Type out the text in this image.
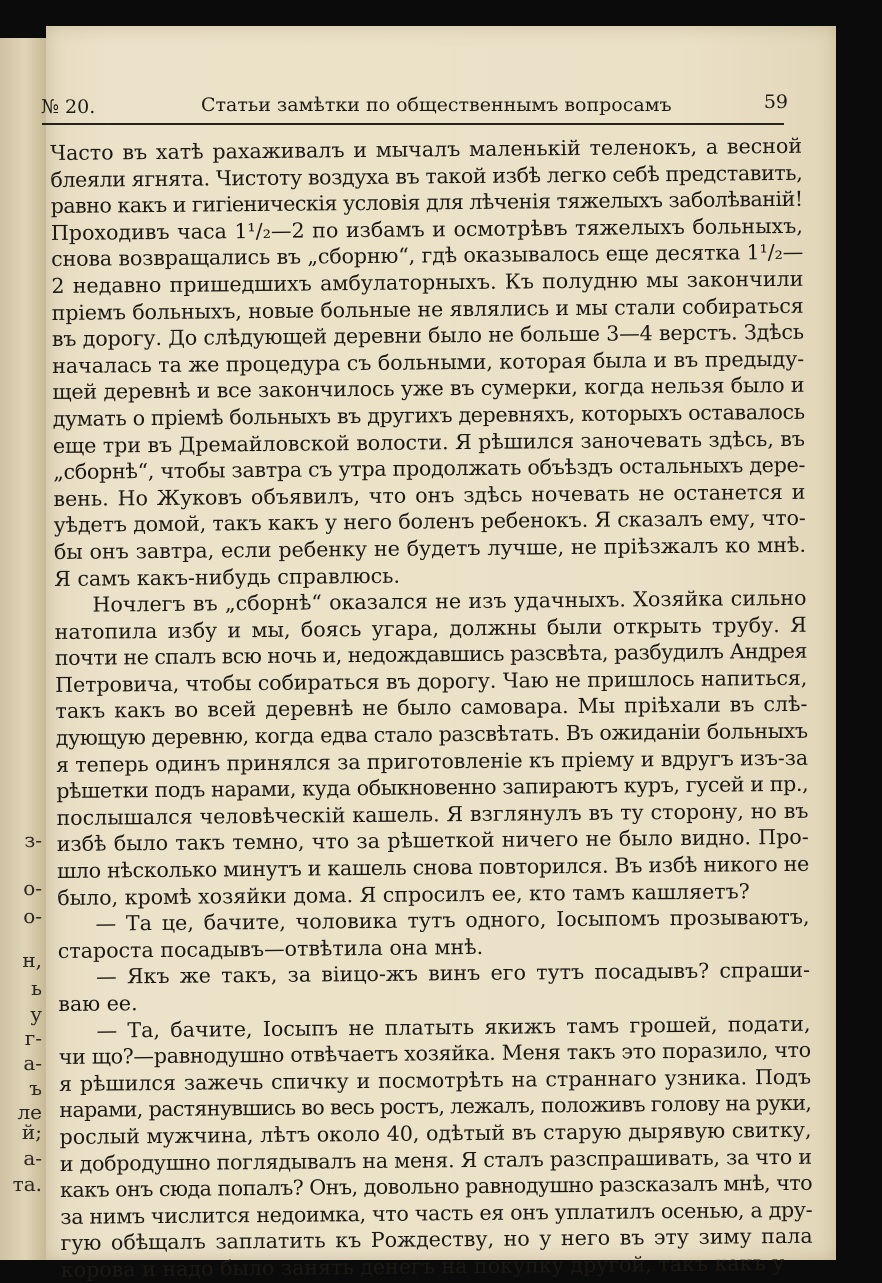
з-
о-
о-
н,
ь
у
г-
а-
ъ
ле
й;
а-
та.
№ 20.	Статьи замѣтки по общественнымъ вопросамъ	59
Часто въ хатѣ рахаживалъ и мычалъ маленькій теленокъ, а весной
блеяли ягнята. Чистоту воздуха въ такой избѣ легко себѣ представить,
равно какъ и гигіеническія условія для лѣченія тяжелыхъ заболѣваній!
Проходивъ часа 1¹/₂—2 по избамъ и осмотрѣвъ тяжелыхъ больныхъ,
снова возвращались въ „сборню“, гдѣ оказывалось еще десятка 1¹/₂—
2 недавно пришедшихъ амбулаторныхъ. Къ полудню мы закончили
пріемъ больныхъ, новые больные не являлись и мы стали собираться
въ дорогу. До слѣдующей деревни было не больше 3—4 верстъ. Здѣсь
началась та же процедура съ больными, которая была и въ предыду-
щей деревнѣ и все закончилось уже въ сумерки, когда нельзя было и
думать о пріемѣ больныхъ въ другихъ деревняхъ, которыхъ оставалось
еще три въ Дремайловской волости. Я рѣшился заночевать здѣсь, въ
„сборнѣ“, чтобы завтра съ утра продолжать объѣздъ остальныхъ дере-
вень. Но Жуковъ объявилъ, что онъ здѣсь ночевать не останется и
уѣдетъ домой, такъ какъ у него боленъ ребенокъ. Я сказалъ ему, что-
бы онъ завтра, если ребенку не будетъ лучше, не пріѣзжалъ ко мнѣ.
Я самъ какъ-нибудь справлюсь.
Ночлегъ въ „сборнѣ“ оказался не изъ удачныхъ. Хозяйка сильно
натопила избу и мы, боясь угара, должны были открыть трубу. Я
почти не спалъ всю ночь и, недождавшись разсвѣта, разбудилъ Андрея
Петровича, чтобы собираться въ дорогу. Чаю не пришлось напиться,
такъ какъ во всей деревнѣ не было самовара. Мы пріѣхали въ слѣ-
дующую деревню, когда едва стало разсвѣтать. Въ ожиданіи больныхъ
я теперь одинъ принялся за приготовленіе къ пріему и вдругъ изъ-за
рѣшетки подъ нарами, куда обыкновенно запираютъ куръ, гусей и пр.,
послышался человѣческій кашель. Я взглянулъ въ ту сторону, но въ
избѣ было такъ темно, что за рѣшеткой ничего не было видно. Про-
шло нѣсколько минутъ и кашель снова повторился. Въ избѣ никого не
было, кромѣ хозяйки дома. Я спросилъ ее, кто тамъ кашляетъ?
— Та це, бачите, чоловика тутъ одного, Іосыпомъ прозываютъ,
староста посадывъ—отвѣтила она мнѣ.
— Якъ же такъ, за віицо-жъ винъ его тутъ посадывъ? спраши-
ваю ее.
— Та, бачите, Іосыпъ не платыть якижъ тамъ грошей, подати,
чи що?—равнодушно отвѣчаетъ хозяйка. Меня такъ это поразило, что
я рѣшился зажечь спичку и посмотрѣть на страннаго узника. Подъ
нарами, растянувшись во весь ростъ, лежалъ, положивъ голову на руки,
рослый мужчина, лѣтъ около 40, одѣтый въ старую дырявую свитку,
и добродушно поглядывалъ на меня. Я сталъ разспрашивать, за что и
какъ онъ сюда попалъ? Онъ, довольно равнодушно разсказалъ мнѣ, что
за нимъ числится недоимка, что часть ея онъ уплатилъ осенью, а дру-
гую обѣщалъ заплатить къ Рождеству, но у него въ эту зиму пала
корова и надо было занять денегъ на покупку другой, такъ какъ у
